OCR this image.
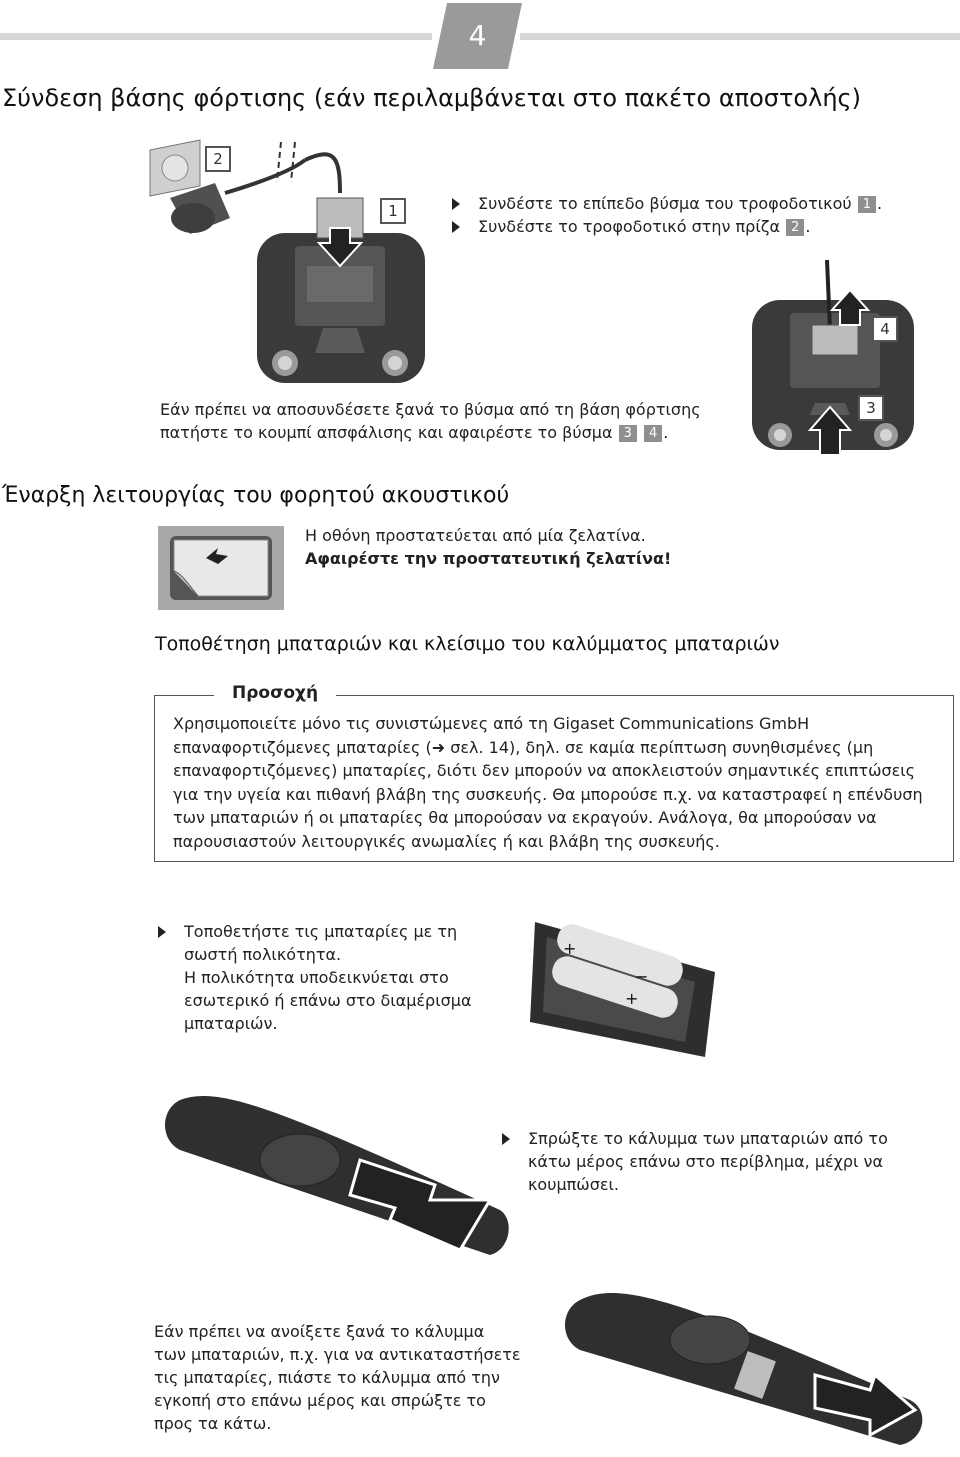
4
Σύνδεση βάσης φόρτισης (εάν περιλαμβάνεται στο πακέτο αποστολής)
2
1	Συνδέστε το επίπεδο βύσμα του τροφοδοτικού 1 .
Συνδέστε το τροφοδοτικό στην πρίζα 2 .
4
3
Εάν πρέπει να αποσυνδέσετε ξανά το βύσμα από τη βάση φόρτισης
πατήστε το κουμπί απσφάλισης και αφαιρέστε το βύσμα 3 4 .
Έναρξη λειτουργίας του φορητού ακουστικού
Η οθόνη προστατεύεται από μία ζελατίνα.
Αφαιρέστε την προστατευτική ζελατίνα!
Τοποθέτηση μπαταριών και κλείσιμο του καλύμματος μπαταριών
Προσοχή
Χρησιμοποιείτε μόνο τις συνιστώμενες από τη Gigaset Communications GmbH
επαναφορτιζόμενες μπαταρίες (➜ σελ. 14), δηλ. σε καμία περίπτωση συνηθισμένες (μη
επαναφορτιζόμενες) μπαταρίες, διότι δεν μπορούν να αποκλειστούν σημαντικές επιπτώσεις
για την υγεία και πιθανή βλάβη της συσκευής. Θα μπορούσε π.χ. να καταστραφεί η επένδυση
των μπαταριών ή οι μπαταρίες θα μπορούσαν να εκραγούν. Ανάλογα, θα μπορούσαν να
παρουσιαστούν λειτουργικές ανωμαλίες ή και βλάβη της συσκευής.
Τοποθετήστε τις μπαταρίες με τη
σωστή πολικότητα.
Η πολικότητα υποδεικνύεται στο
εσωτερικό ή επάνω στο διαμέρισμα
μπαταριών.
+
−
+
Σπρώξτε το κάλυμμα των μπαταριών από το
κάτω μέρος επάνω στο περίβλημα, μέχρι να
κουμπώσει.
Εάν πρέπει να ανοίξετε ξανά το κάλυμμα
των μπαταριών, π.χ. για να αντικαταστήσετε
τις μπαταρίες, πιάστε το κάλυμμα από την
εγκοπή στο επάνω μέρος και σπρώξτε το
προς τα κάτω.
